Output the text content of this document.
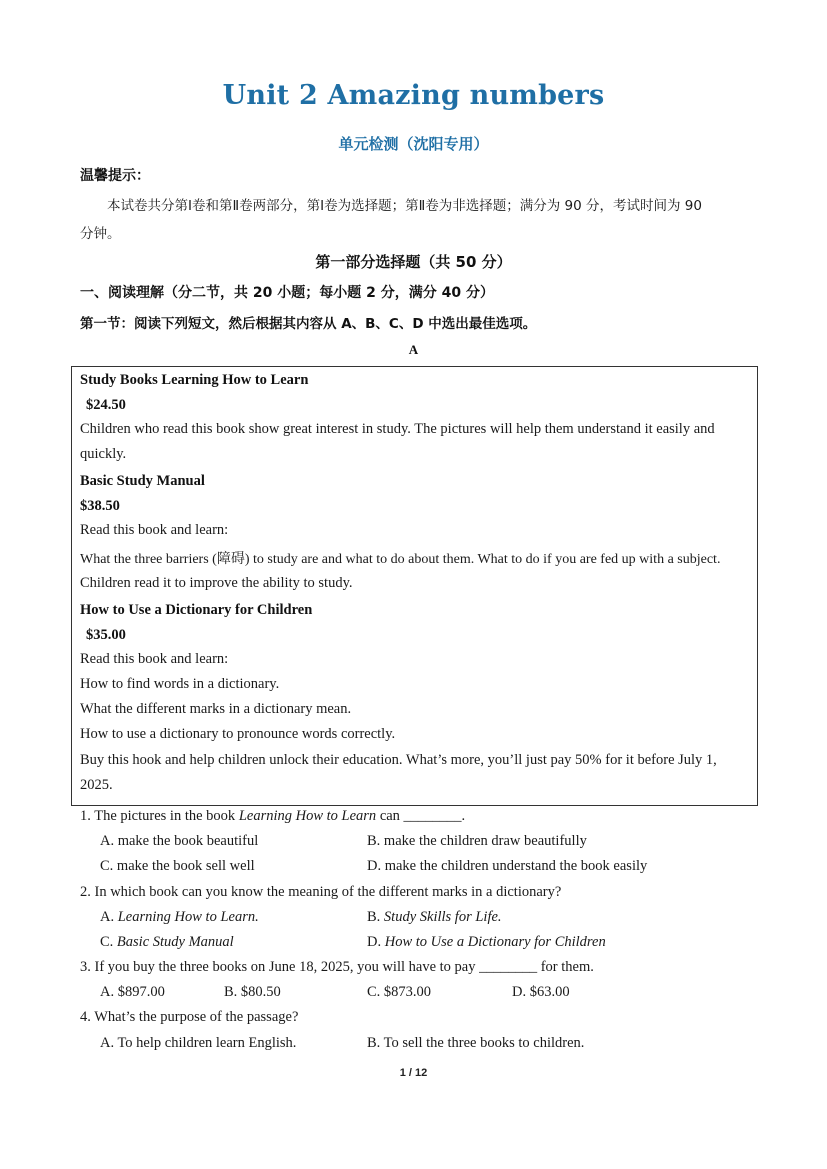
Unit 2 Amazing numbers
单元检测（沈阳专用）
温馨提示：
本试卷共分第Ⅰ卷和第Ⅱ卷两部分，第Ⅰ卷为选择题；第Ⅱ卷为非选择题；满分为 90 分，考试时间为 90
分钟。
第一部分选择题（共 50 分）
一、阅读理解（分二节，共 20 小题；每小题 2 分，满分 40 分）
第一节：阅读下列短文，然后根据其内容从 A、B、C、D 中选出最佳选项。
A
Study Books Learning How to Learn
$24.50
Children who read this book show great interest in study. The pictures will help them understand it easily and
quickly.
Basic Study Manual
$38.50
Read this book and learn:
What the three barriers (障碍) to study are and what to do about them. What to do if you are fed up with a subject.
Children read it to improve the ability to study.
How to Use a Dictionary for Children
$35.00
Read this book and learn:
How to find words in a dictionary.
What the different marks in a dictionary mean.
How to use a dictionary to pronounce words correctly.
Buy this hook and help children unlock their education. What’s more, you’ll just pay 50% for it before July 1,
2025.
1. The pictures in the book Learning How to Learn can ________.
A. make the book beautiful	B. make the children draw beautifully
C. make the book sell well	D. make the children understand the book easily
2. In which book can you know the meaning of the different marks in a dictionary?
A. Learning How to Learn.	B. Study Skills for Life.
C. Basic Study Manual	D. How to Use a Dictionary for Children
3. If you buy the three books on June 18, 2025, you will have to pay ________ for them.
A. $897.00	B. $80.50	C. $873.00	D. $63.00
4. What’s the purpose of the passage?
A. To help children learn English.	B. To sell the three books to children.
1 / 12
